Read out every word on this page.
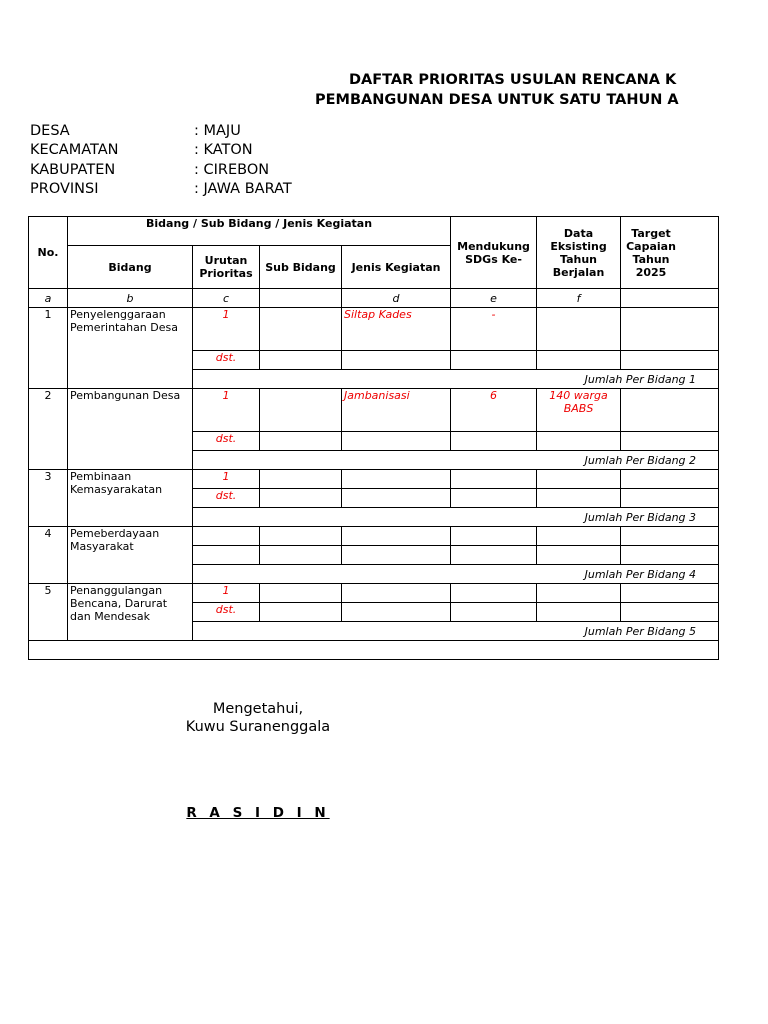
DAFTAR PRIORITAS USULAN RENCANA K
PEMBANGUNAN DESA UNTUK SATU TAHUN A
DESA	: MAJU
KECAMATAN	: KATON
KABUPATEN	: CIREBON
PROVINSI	: JAWA BARAT
No.	Bidang / Sub Bidang / Jenis Kegiatan				Mendukung SDGs Ke-	Data Eksisting Tahun Berjalan	Target Capaian Tahun 2025

	Bidang	Urutan Prioritas	Sub Bidang	Jenis Kegiatan			
a	b	c		d	e	f	
1	Penyelenggaraan Pemerintahan Desa	1		Siltap Kades	-		
		dst.					
		Jumlah Per Bidang 1					
2	Pembangunan Desa	1		Jambanisasi	6	140 warga BABS	
		dst.					
		Jumlah Per Bidang 2					
3	Pembinaan Kemasyarakatan	1					
		dst.					
		Jumlah Per Bidang 3					
4	Pemeberdayaan Masyarakat						

		Jumlah Per Bidang 4					
5	Penanggulangan Bencana, Darurat dan Mendesak	1					
		dst.					
		Jumlah Per Bidang 5					

Mengetahui,
Kuwu Suranenggala
R A S I D I N
